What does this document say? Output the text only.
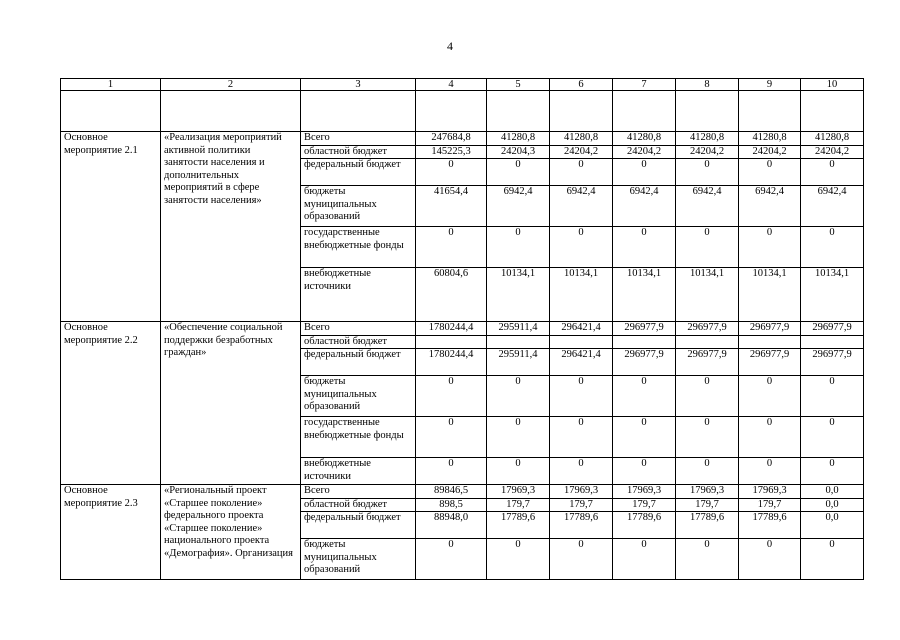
4
1	2	3	4	5	6	7	8	9	10

Основное мероприятие 2.1	«Реализация мероприятий активной политики занятости населения и дополнительных мероприятий в сфере занятости населения»	Всего	247684,8	41280,8	41280,8	41280,8	41280,8	41280,8	41280,8
		областной бюджет	145225,3	24204,3	24204,2	24204,2	24204,2	24204,2	24204,2
		федеральный бюджет	0	0	0	0	0	0	0
		бюджеты муниципальных образований	41654,4	6942,4	6942,4	6942,4	6942,4	6942,4	6942,4
		государственные внебюджетные фонды	0	0	0	0	0	0	0
		внебюджетные источники	60804,6	10134,1	10134,1	10134,1	10134,1	10134,1	10134,1
Основное мероприятие 2.2	«Обеспечение социальной поддержки безработных граждан»	Всего	1780244,4	295911,4	296421,4	296977,9	296977,9	296977,9	296977,9
		областной бюджет							
		федеральный бюджет	1780244,4	295911,4	296421,4	296977,9	296977,9	296977,9	296977,9
		бюджеты муниципальных образований	0	0	0	0	0	0	0
		государственные внебюджетные фонды	0	0	0	0	0	0	0
		внебюджетные источники	0	0	0	0	0	0	0
Основное мероприятие 2.3	«Региональный проект «Старшее поколение» федерального проекта «Старшее поколение» национального проекта «Демография». Организация	Всего	89846,5	17969,3	17969,3	17969,3	17969,3	17969,3	0,0
		областной бюджет	898,5	179,7	179,7	179,7	179,7	179,7	0,0
		федеральный бюджет	88948,0	17789,6	17789,6	17789,6	17789,6	17789,6	0,0
		бюджеты муниципальных образований	0	0	0	0	0	0	0
